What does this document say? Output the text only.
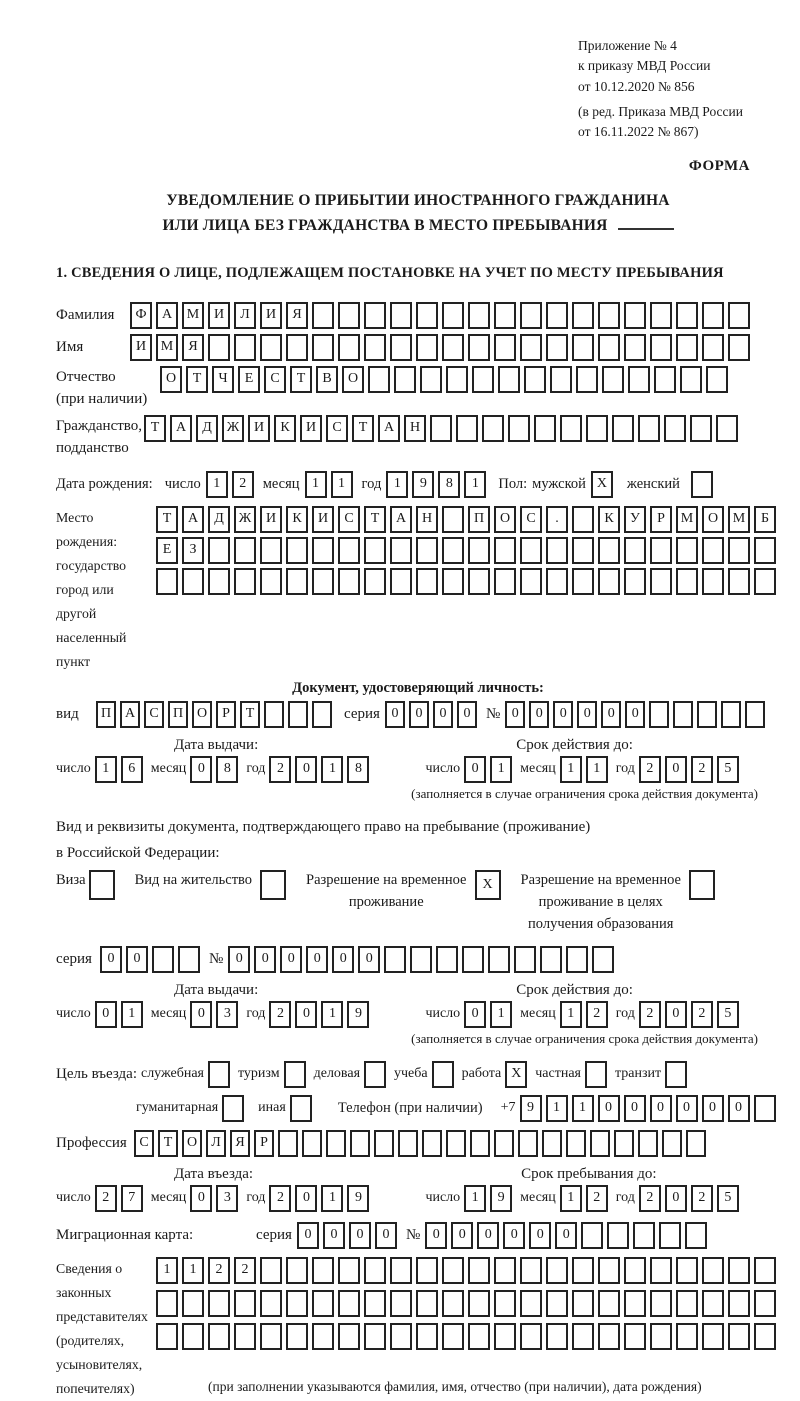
Приложение № 4
к приказу МВД России
от 10.12.2020 № 856
(в ред. Приказа МВД России
от 16.11.2022 № 867)
ФОРМА
УВЕДОМЛЕНИЕ О ПРИБЫТИИ ИНОСТРАННОГО ГРАЖДАНИНА
ИЛИ ЛИЦА БЕЗ ГРАЖДАНСТВА В МЕСТО ПРЕБЫВАНИЯ
1. СВЕДЕНИЯ О ЛИЦЕ, ПОДЛЕЖАЩЕМ ПОСТАНОВКЕ НА УЧЕТ ПО МЕСТУ ПРЕБЫВАНИЯ
Фамилия	Ф	А	М	И	Л	И	Я
Имя	И	М	Я
Отчество
(при наличии)
О	Т	Ч	Е	С	Т	В	О
Гражданство,
подданство
Т	А	Д	Ж	И	К	И	С	Т	А	Н
Дата рождения: число 1	2	месяц 1	1	год 1	9	8	1	Пол: мужской X	женский
Место рождения:
государство
город или другой
населенный пункт
Т	А	Д	Ж	И	К	И	С	Т	А	Н	П	О	С	.	К	У	Р	М	О	М	Б
Е	З
Документ, удостоверяющий личность:
вид	П А	С	П О	Р	Т	серия 0	0	0	0	№ 0	0	0	0	0	0
Дата выдачи:	Срок действия до:
число 1	6	месяц 0	8	год 2	0	1	8	число 0	1	месяц 1	1	год 2	0	2	5
(заполняется в случае ограничения срока действия документа)
Вид и реквизиты документа, подтверждающего право на пребывание (проживание)
в Российской Федерации:
Виза	Вид на жительство	Разрешение на временное
проживание
X	Разрешение на временное
проживание в целях
получения образования
серия	0	0	№ 0	0	0	0	0	0
Дата выдачи:	Срок действия до:
число 0	1	месяц 0	3	год 2	0	1	9	число 0	1	месяц 1	2	год 2	0	2	5
(заполняется в случае ограничения срока действия документа)
Цель въезда: служебная туризм деловая учеба работа X частная транзит
гуманитарная	иная	Телефон (при наличии) +7 9	1	1	0	0	0	0	0	0
Профессия С	Т	О	Л	Я	Р
Дата въезда:	Срок пребывания до:
число 2	7	месяц 0	3	год 2	0	1	9	число 1	9	месяц 1	2	год 2	0	2	5
Миграционная карта:	серия 0	0	0	0	№ 0	0	0	0	0	0
Сведения о
законных
представителях
(родителях,
усыновителях,
попечителях)
1	1	2	2
(при заполнении указываются фамилия, имя, отчество (при наличии), дата рождения)
